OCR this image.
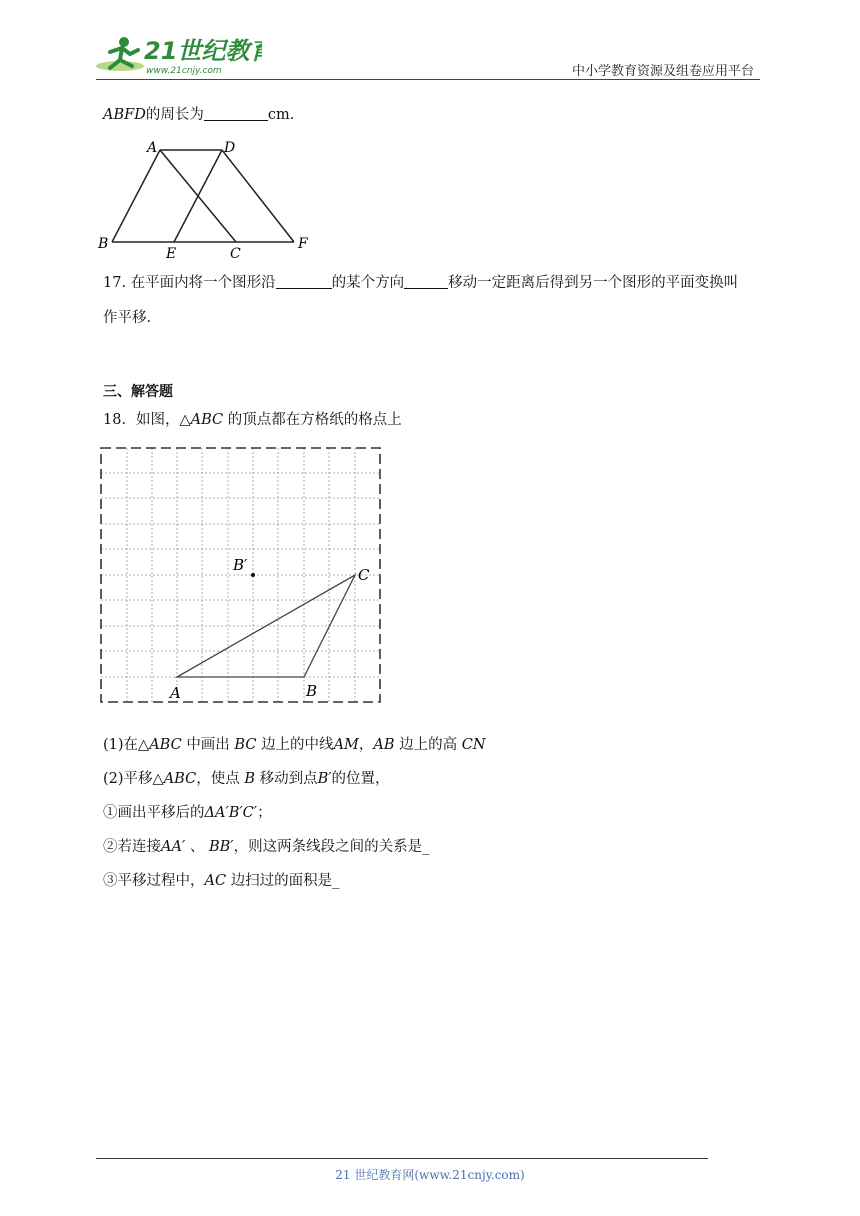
21世纪教育
www.21cnjy.com	中小学教育资源及组卷应用平台
ABFD的周长为	cm.
A	D
B
E	C
F
17. 在平面内将一个图形沿	的某个方向	移动一定距离后得到另一个图形的平面变换叫
作平移.
三、解答题
18．如图，△ABC 的顶点都在方格纸的格点上
A	B
C
B′
(1)在△ABC 中画出 BC 边上的中线AM，AB 边上的高 CN
(2)平移△ABC，使点 B 移动到点B′的位置，
①画出平移后的ΔA′B′C′；
②若连接AA′ 、 BB′，则这两条线段之间的关系是_
③平移过程中，AC 边扫过的面积是_
21 世纪教育网(www.21cnjy.com)
